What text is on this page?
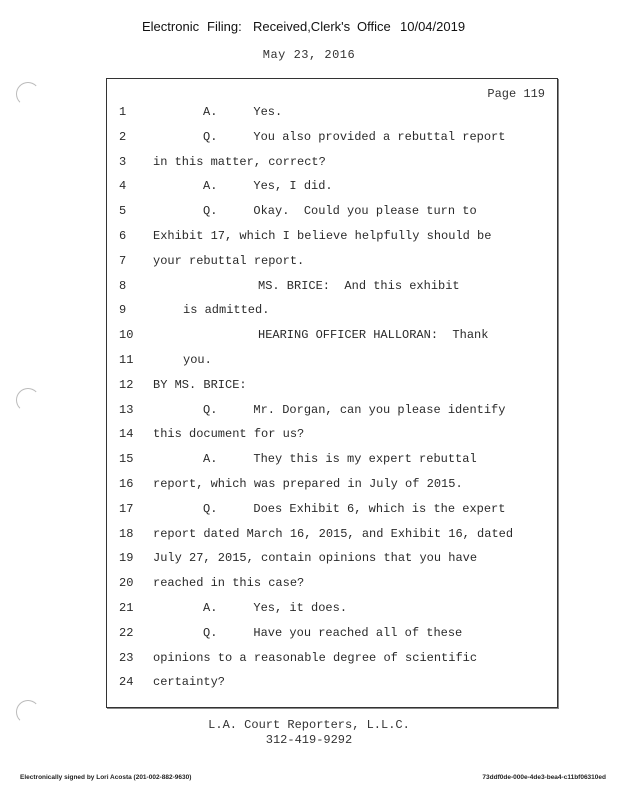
Electronic Filing: Received,Clerk's Office 10/04/2019
May 23, 2016
Page 119
1	A.     Yes.
2	Q.     You also provided a rebuttal report
3	in this matter, correct?
4	A.     Yes, I did.
5	Q.     Okay.  Could you please turn to
6	Exhibit 17, which I believe helpfully should be
7	your rebuttal report.
8	MS. BRICE:  And this exhibit
9	is admitted.
10	HEARING OFFICER HALLORAN:  Thank
11	you.
12	BY MS. BRICE:
13	Q.     Mr. Dorgan, can you please identify
14	this document for us?
15	A.     They this is my expert rebuttal
16	report, which was prepared in July of 2015.
17	Q.     Does Exhibit 6, which is the expert
18	report dated March 16, 2015, and Exhibit 16, dated
19	July 27, 2015, contain opinions that you have
20	reached in this case?
21	A.     Yes, it does.
22	Q.     Have you reached all of these
23	opinions to a reasonable degree of scientific
24	certainty?
L.A. Court Reporters, L.L.C.
312-419-9292
Electronically signed by Lori Acosta (201-002-882-9630)	73ddf0de-000e-4de3-bea4-c11bf06310ed
